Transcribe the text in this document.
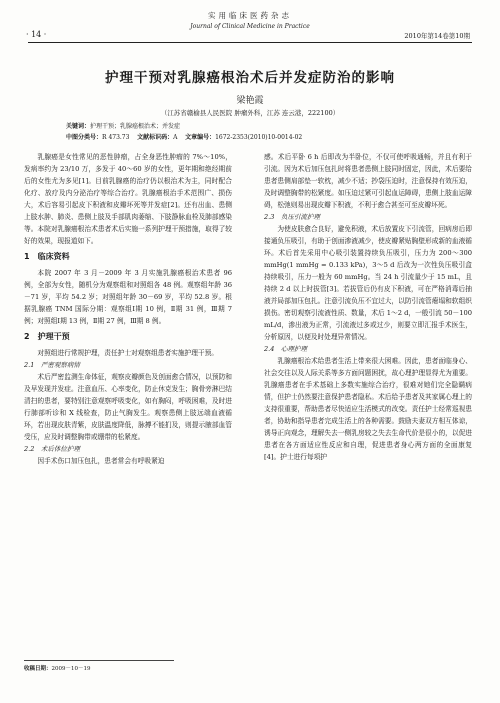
· 14 ·
实用临床医药杂志
Journal of Clinical Medicine in Practice
2010年第14卷第10期
护理干预对乳腺癌根治术后并发症防治的影响
梁艳霞
（江苏省赣榆县人民医院 肿瘤外科，江苏 连云港，222100）
关键词：护理干预；乳腺癌根治术；并发症
中图分类号：R 473.73 文献标识码：A 文章编号：1672-2353(2010)10-0014-02

乳腺癌是女性常见的恶性肿瘤，占全身恶性肿瘤的 7%～10%，发病率约为 23/10 万，多发于 40～60 岁的女性，更年期和绝经期前后的女性尤为多见[1]。目前乳腺癌的治疗仍以根治术为主，同时配合化疗、放疗及内分泌治疗等综合治疗。乳腺癌根治手术范围广、损伤大，术后容易引起皮下积液和皮瓣坏死等并发症[2]。还有出血、患侧上肢水肿、肺炎、患侧上肢及手部肌肉萎缩、下肢静脉血栓及肺部感染等。本院对乳腺癌根治术患者术后实施一系列护理干预措施，取得了较好的效果，现报道如下。

1　临床资料

本院 2007 年 3 月－2009 年 3 月实施乳腺癌根治术患者 96 例，全部为女性，随机分为观察组和对照组各 48 例。观察组年龄 36－71 岁，平均 54.2 岁；对照组年龄 30－69 岁，平均 52.8 岁。根据乳腺癌 TNM 国际分期：观察组Ⅰ期 10 例，Ⅱ期 31 例，Ⅲ期 7 例；对照组Ⅰ期 13 例，Ⅱ期 27 例，Ⅲ期 8 例。

2　护理干预

对照组进行常规护理，责任护士对观察组患者实施护理干预。

2.1　严密观察病情

术后严密监测生命体征，观察皮瓣颜色及创面愈合情况，以预防和及早发现并发症。注意血压、心率变化，防止休克发生；胸骨旁淋巴结清扫的患者，要特别注意观察呼吸变化，如有胸闷，呼吸困难，及时进行肺部听诊和 X 线检查，防止气胸发生。观察患侧上肢远端血液循环，若出现皮肤青紫，皮肤温度降低，脉搏不能扪及，则提示腋部血管受压，应及时调整胸带或绷带的松紧度。

2.2　术后体位护理

因手术伤口加压包扎，患者常会有呼吸紧迫

感。术后平卧 6 h 后即改为半卧位，不仅可使呼吸通畅，并且有利于引流。因为术后加压包扎时将患者患侧上肢同时固定，因此，术后要给患者患侧肩部垫一软枕，减少不适；抄袋压迫时，注意保持有效压迫，及时调整胸带的松紧度。如压迫过紧可引起血运障碍，患侧上肢血运障碍，松弛则易出现皮瓣下积液，不利于愈合甚至可至皮瓣坏死。

2.3　负压引流护理

为使皮肤愈合良好，避免积液，术后放置皮下引流管，回病房后即接通负压吸引，有助于创面渗液减少，使皮瓣紧贴胸壁形成新的血液循环。术后首先采用中心吸引装置持续负压吸引，压力为 200～300 mmHg(1 mmHg = 0.133 kPa)，3～5 d 后改为一次性负压吸引盒持续吸引，压力一般为 60 mmHg。当 24 h 引流量少于 15 mL，且持续 2 d 以上时拔管[3]。若拔管后仍有皮下积液，可在严格消毒后抽液并局部加压包扎。注意引流负压不宜过大，以防引流管瘪塌和软组织损伤。密切观察引流液性质、数量，术后 1～2 d，一般引流 50－100 mL/d，渗出液为正常，引流液过多或过少，则要立即汇报手术医生，分析原因，以便及时处理异常情况。

2.4　心理护理

乳腺癌根治术给患者生活上带来很大困难。因此，患者面临身心、社会交往以及人际关系等多方面问题困扰，故心理护理显得尤为重要。乳腺癌患者在手术基础上多数实施综合治疗，很难对她们完全隐瞒病情，但护士仍然要注意保护患者隐私。术后给予患者及其家属心理上的支持很重要，帮助患者尽快适应生活模式的改变。责任护士经常巡视患者，协助和指导患者完成生活上的各种需要。鼓励夫妻双方相互体谅，诱导正向观念，理解失去一侧乳房较之失去生命代价是很小的，以促进患者在各方面适应性反应和自理，促进患者身心两方面的全面康复[4]。护士进行每项护

收稿日期：2009－10－19
